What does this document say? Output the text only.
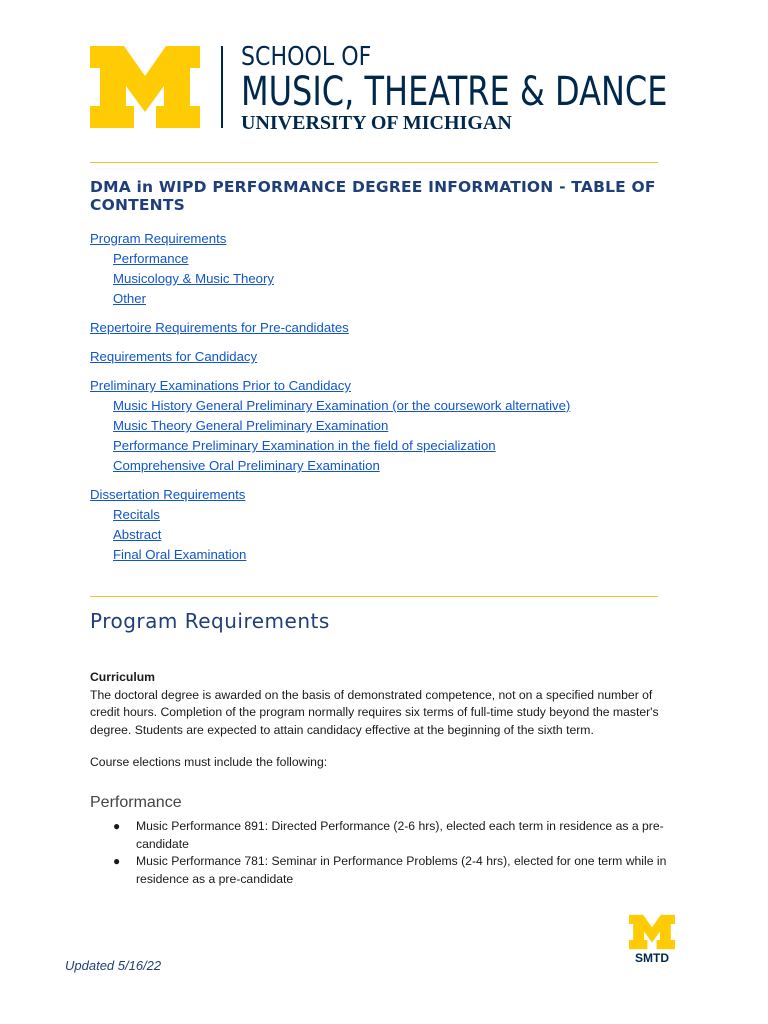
SCHOOL OF
MUSIC, THEATRE & DANCE
UNIVERSITY OF MICHIGAN
DMA in WIPD PERFORMANCE DEGREE INFORMATION - TABLE OF CONTENTS
Program Requirements
Performance
Musicology & Music Theory
Other
Repertoire Requirements for Pre-candidates
Requirements for Candidacy
Preliminary Examinations Prior to Candidacy
Music History General Preliminary Examination (or the coursework alternative)
Music Theory General Preliminary Examination
Performance Preliminary Examination in the field of specialization
Comprehensive Oral Preliminary Examination
Dissertation Requirements
Recitals
Abstract
Final Oral Examination
Program Requirements
Curriculum
The doctoral degree is awarded on the basis of demonstrated competence, not on a specified number of credit hours. Completion of the program normally requires six terms of full-time study beyond the master's degree. Students are expected to attain candidacy effective at the beginning of the sixth term.
Course elections must include the following:
Performance
● Music Performance 891: Directed Performance (2-6 hrs), elected each term in residence as a pre-candidate
● Music Performance 781: Seminar in Performance Problems (2-4 hrs), elected for one term while in residence as a pre-candidate
Updated 5/16/22	SMTD
